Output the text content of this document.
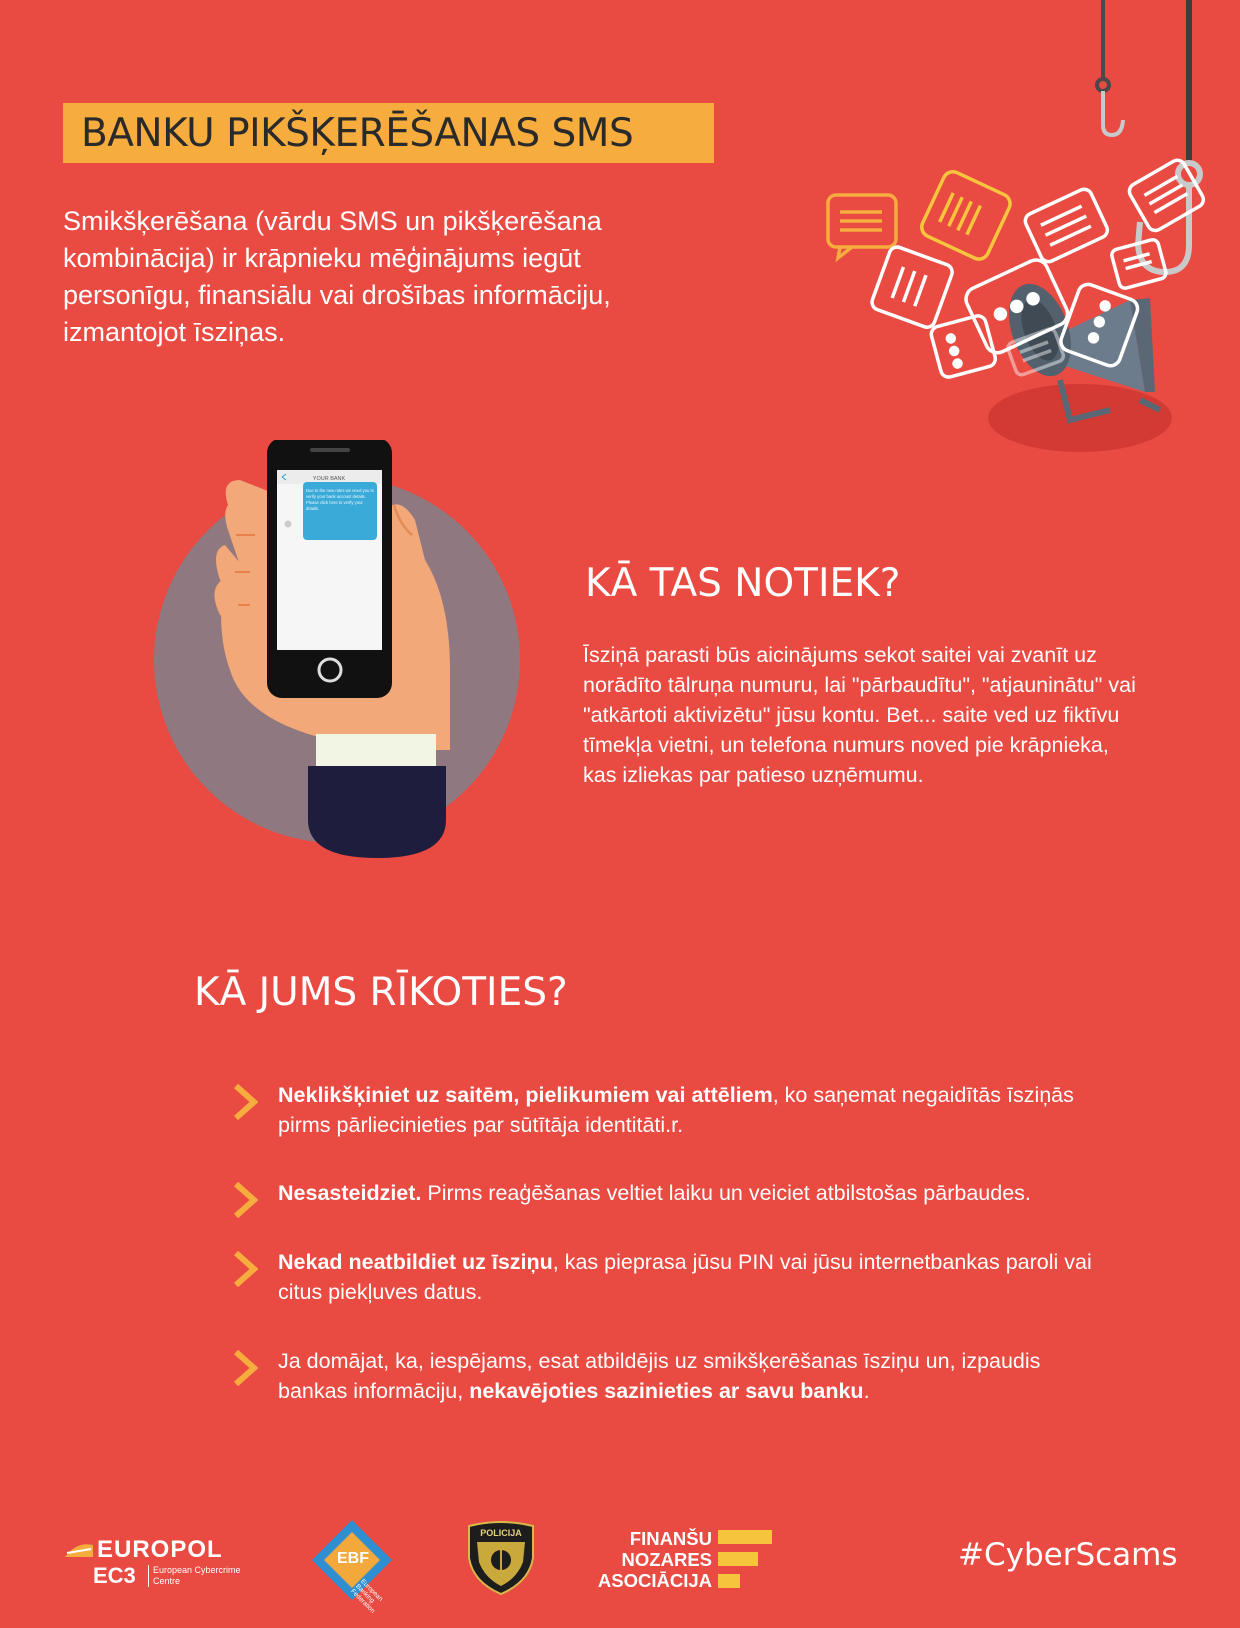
BANKU PIKŠĶERĒŠANAS SMS
Smikšķerēšana (vārdu SMS un pikšķerēšana kombinācija) ir krāpnieku mēģinājums iegūt personīgu, finansiālu vai drošības informāciju, izmantojot īsziņas.
YOUR BANK
Due to the new rules we need you to verify your bank account details. Please click here to verify your details.
KĀ TAS NOTIEK?
Īsziņā parasti būs aicinājums sekot saitei vai zvanīt uz norādīto tālruņa numuru, lai "pārbaudītu", "atjauninātu" vai "atkārtoti aktivizētu" jūsu kontu. Bet... saite ved uz fiktīvu tīmekļa vietni, un telefona numurs noved pie krāpnieka, kas izliekas par patieso uzņēmumu.
KĀ JUMS RĪKOTIES?
Neklikšķiniet uz saitēm, pielikumiem vai attēliem, ko saņemat negaidītās īsziņās pirms pārliecinieties par sūtītāja identitāti.r.
Nesasteidziet. Pirms reaģēšanas veltiet laiku un veiciet atbilstošas pārbaudes.
Nekad neatbildiet uz īsziņu, kas pieprasa jūsu PIN vai jūsu internetbankas paroli vai citus piekļuves datus.
Ja domājat, ka, iespējams, esat atbildējis uz smikšķerēšanas īsziņu un, izpaudis bankas informāciju, nekavējoties sazinieties ar savu banku.
EUROPOL
EC3 European Cybercrime Centre
EBF
European Banking Federation
POLICIJA	FINANŠU
NOZARES
ASOCIĀCIJA
#CyberScams
